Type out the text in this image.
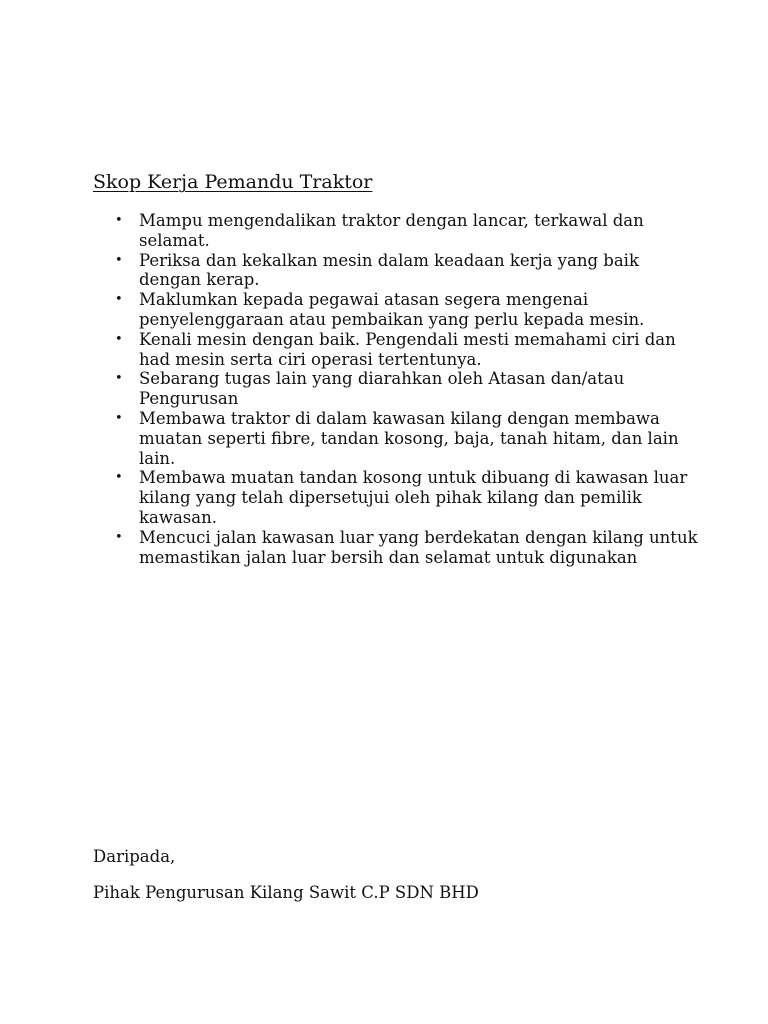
Skop Kerja Pemandu Traktor
• Mampu mengendalikan traktor dengan lancar, terkawal dan selamat.
• Periksa dan kekalkan mesin dalam keadaan kerja yang baik dengan kerap.
• Maklumkan kepada pegawai atasan segera mengenai penyelenggaraan atau pembaikan yang perlu kepada mesin.
• Kenali mesin dengan baik. Pengendali mesti memahami ciri dan had mesin serta ciri operasi tertentunya.
• Sebarang tugas lain yang diarahkan oleh Atasan dan/atau Pengurusan
• Membawa traktor di dalam kawasan kilang dengan membawa muatan seperti fibre, tandan kosong, baja, tanah hitam, dan lain lain.
• Membawa muatan tandan kosong untuk dibuang di kawasan luar kilang yang telah dipersetujui oleh pihak kilang dan pemilik kawasan.
• Mencuci jalan kawasan luar yang berdekatan dengan kilang untuk memastikan jalan luar bersih dan selamat untuk digunakan
Daripada,
Pihak Pengurusan Kilang Sawit C.P SDN BHD
